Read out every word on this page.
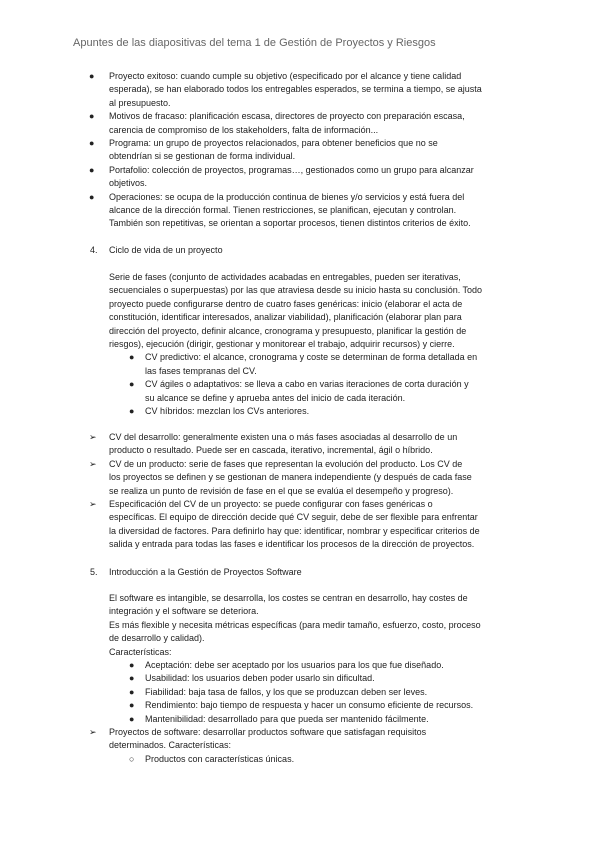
Apuntes de las diapositivas del tema 1 de Gestión de Proyectos y Riesgos
● Proyecto exitoso: cuando cumple su objetivo (especificado por el alcance y tiene calidad
esperada), se han elaborado todos los entregables esperados, se termina a tiempo, se ajusta
al presupuesto.
● Motivos de fracaso: planificación escasa, directores de proyecto con preparación escasa,
carencia de compromiso de los stakeholders, falta de información...
● Programa: un grupo de proyectos relacionados, para obtener beneficios que no se
obtendrían si se gestionan de forma individual.
● Portafolio: colección de proyectos, programas…, gestionados como un grupo para alcanzar
objetivos.
● Operaciones: se ocupa de la producción continua de bienes y/o servicios y está fuera del
alcance de la dirección formal. Tienen restricciones, se planifican, ejecutan y controlan.
También son repetitivas, se orientan a soportar procesos, tienen distintos criterios de éxito.
4. Ciclo de vida de un proyecto
Serie de fases (conjunto de actividades acabadas en entregables, pueden ser iterativas,
secuenciales o superpuestas) por las que atraviesa desde su inicio hasta su conclusión. Todo
proyecto puede configurarse dentro de cuatro fases genéricas: inicio (elaborar el acta de
constitución, identificar interesados, analizar viabilidad), planificación (elaborar plan para
dirección del proyecto, definir alcance, cronograma y presupuesto, planificar la gestión de
riesgos), ejecución (dirigir, gestionar y monitorear el trabajo, adquirir recursos) y cierre.
● CV predictivo: el alcance, cronograma y coste se determinan de forma detallada en
las fases tempranas del CV.
● CV ágiles o adaptativos: se lleva a cabo en varias iteraciones de corta duración y
su alcance se define y aprueba antes del inicio de cada iteración.
● CV híbridos: mezclan los CVs anteriores.
➢ CV del desarrollo: generalmente existen una o más fases asociadas al desarrollo de un
producto o resultado. Puede ser en cascada, iterativo, incremental, ágil o híbrido.
➢ CV de un producto: serie de fases que representan la evolución del producto. Los CV de
los proyectos se definen y se gestionan de manera independiente (y después de cada fase
se realiza un punto de revisión de fase en el que se evalúa el desempeño y progreso).
➢ Especificación del CV de un proyecto: se puede configurar con fases genéricas o
específicas. El equipo de dirección decide qué CV seguir, debe de ser flexible para enfrentar
la diversidad de factores. Para definirlo hay que: identificar, nombrar y especificar criterios de
salida y entrada para todas las fases e identificar los procesos de la dirección de proyectos.
5. Introducción a la Gestión de Proyectos Software
El software es intangible, se desarrolla, los costes se centran en desarrollo, hay costes de
integración y el software se deteriora.
Es más flexible y necesita métricas específicas (para medir tamaño, esfuerzo, costo, proceso
de desarrollo y calidad).
Características:
● Aceptación: debe ser aceptado por los usuarios para los que fue diseñado.
● Usabilidad: los usuarios deben poder usarlo sin dificultad.
● Fiabilidad: baja tasa de fallos, y los que se produzcan deben ser leves.
● Rendimiento: bajo tiempo de respuesta y hacer un consumo eficiente de recursos.
● Mantenibilidad: desarrollado para que pueda ser mantenido fácilmente.
➢ Proyectos de software: desarrollar productos software que satisfagan requisitos
determinados. Características:
○ Productos con características únicas.
